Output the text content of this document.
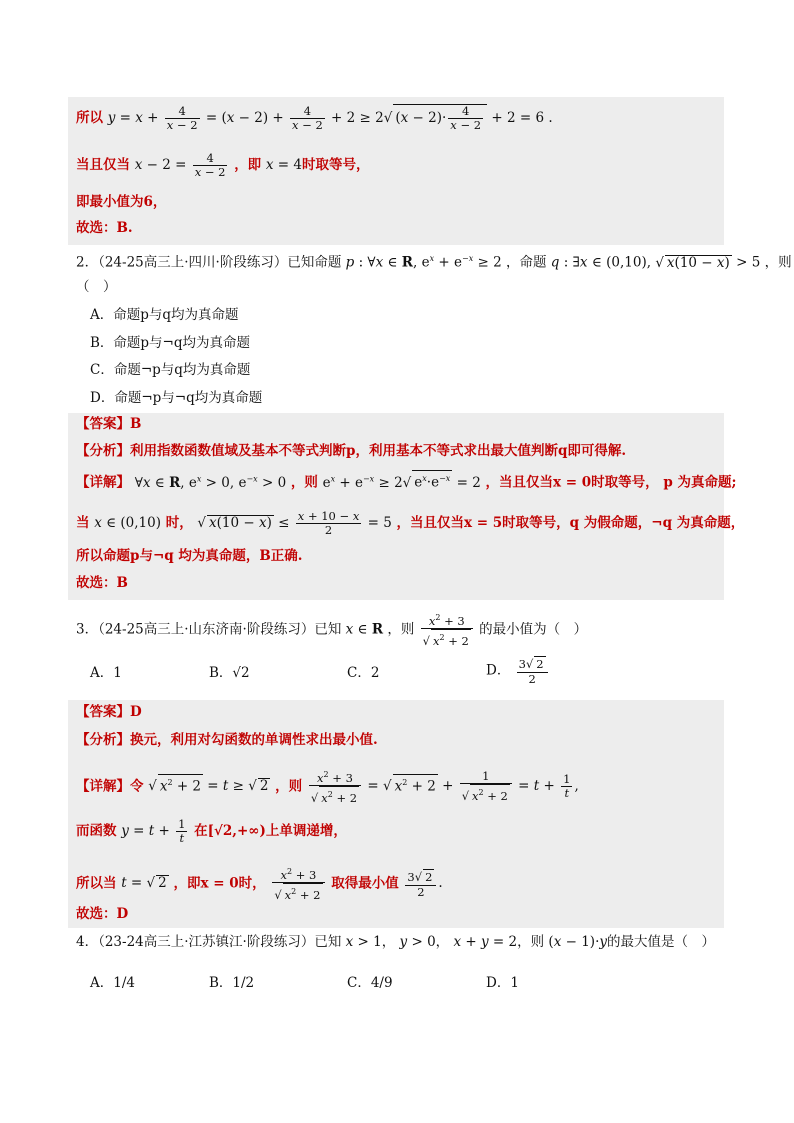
所以 $y = x + \frac{4}{x - 2} = (x - 2) + \frac{4}{x - 2} + 2 \ge 2√$ $(x - 2)\cdot \frac{4}{x - 2} + 2 = 6$ .
当且仅当 $x - 2 = \frac{4}{x - 2}$ ，即 x = 4时取等号，
即最小值为6，
故选：B.
2．（24-25高三上·四川·阶段练习）已知命题 p : ∀x ∈ R, $e^x + e^{-x} \ge 2$ ，命题 q : ∃x ∈ (0,10), √ x(10 − x) > 5 ，则
（　）
A．命题p与q均为真命题
B．命题p与¬q均为真命题
C．命题¬p与q均为真命题
D．命题¬p与¬q均为真命题
【答案】B
【分析】利用指数函数值域及基本不等式判断p，利用基本不等式求出最大值判断q即可得解.
【详解】 ∀x ∈ R, $e^x > 0$, $e^{-x} > 0$ ，则 $e^x + e^{-x} \ge 2√$ $e^x\cdot e^{-x} = 2$ ，当且仅当x = 0时取等号， p 为真命题;
当 x ∈ (0,10) 时， √ $x(10 - x) \le \frac{x + 10 - x}{2} = 5$ ，当且仅当x = 5时取等号，q 为假命题，¬q 为真命题，
所以命题p与¬q 均为真命题，B正确.
故选：B
3．（24-25高三上·山东济南·阶段练习）已知 x ∈ R ，则 $x^2 + 3$
√ $x^2 + 2$ 的最小值为（　）
A．1	B．√2	C．2	D． $\frac{3√ 2}{2}$
【答案】D
【分析】换元，利用对勾函数的单调性求出最小值.
【详解】令 √ $x^2 + 2 = t$ ≥ √ 2 ，则 $x^2 + 3$
√ $x^2 + 2$ = √ $x^2 + 2 + 1$
√ $x^2 + 2 = t + \frac{1}{t}$ ,
而函数 $y = t + \frac{1}{t}$ 在[√2,+∞)上单调递增，
所以当 t = √ 2 ，即x = 0时， $x^2 + 3$
√ $x^2 + 2$ 取得最小值 $\frac{3√ 2}{2}$ .
故选：D
4．（23-24高三上·江苏镇江·阶段练习）已知 x > 1， y > 0， x + y = 2，则 (x − 1)·y的最大值是（　）
A．1/4	B．1/2	C．4/9	D．1
